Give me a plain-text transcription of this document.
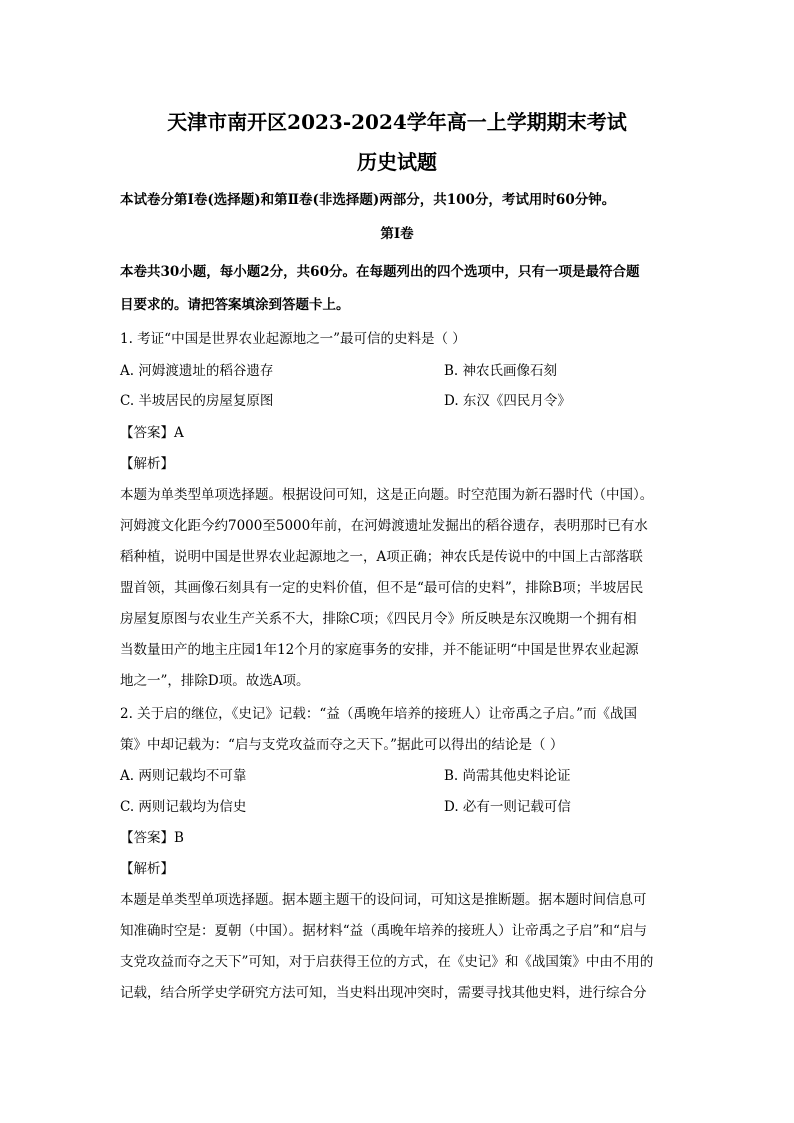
天津市南开区2023-2024学年高一上学期期末考试
历史试题
本试卷分第Ⅰ卷(选择题)和第Ⅱ卷(非选择题)两部分，共100分，考试用时60分钟。
第Ⅰ卷
本卷共30小题，每小题2分，共60分。在每题列出的四个选项中，只有一项是最符合题
目要求的。请把答案填涂到答题卡上。
1. 考证“中国是世界农业起源地之一”最可信的史料是（ ）
A. 河姆渡遗址的稻谷遗存	B. 神农氏画像石刻
C. 半坡居民的房屋复原图	D. 东汉《四民月令》
【答案】A
【解析】
本题为单类型单项选择题。根据设问可知，这是正向题。时空范围为新石器时代（中国）。
河姆渡文化距今约7000至5000年前，在河姆渡遗址发掘出的稻谷遗存，表明那时已有水
稻种植，说明中国是世界农业起源地之一，A项正确；神农氏是传说中的中国上古部落联
盟首领，其画像石刻具有一定的史料价值，但不是“最可信的史料”，排除B项；半坡居民
房屋复原图与农业生产关系不大，排除C项；《四民月令》所反映是东汉晚期一个拥有相
当数量田产的地主庄园1年12个月的家庭事务的安排，并不能证明“中国是世界农业起源
地之一”，排除D项。故选A项。
2. 关于启的继位，《史记》记载：“益（禹晚年培养的接班人）让帝禹之子启。”而《战国
策》中却记载为：“启与支党攻益而夺之天下。”据此可以得出的结论是（ ）
A. 两则记载均不可靠	B. 尚需其他史料论证
C. 两则记载均为信史	D. 必有一则记载可信
【答案】B
【解析】
本题是单类型单项选择题。据本题主题干的设问词，可知这是推断题。据本题时间信息可
知准确时空是：夏朝（中国）。据材料“益（禹晚年培养的接班人）让帝禹之子启”和“启与
支党攻益而夺之天下”可知，对于启获得王位的方式，在《史记》和《战国策》中由不用的
记载，结合所学史学研究方法可知，当史料出现冲突时，需要寻找其他史料，进行综合分
